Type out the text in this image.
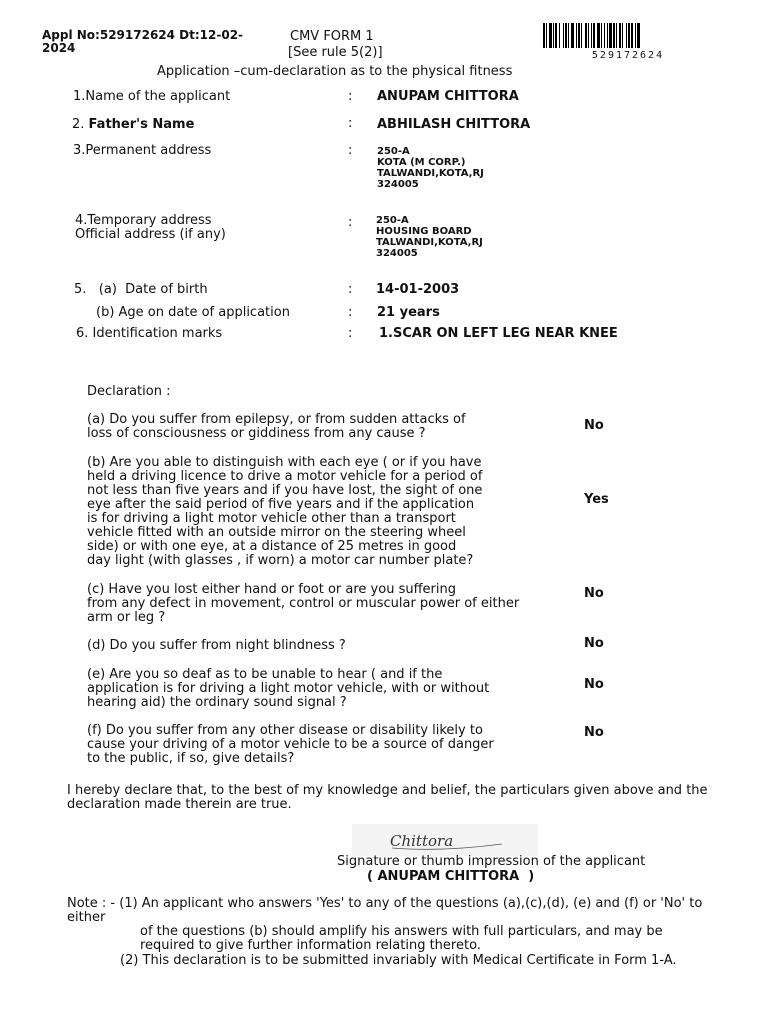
Appl No:529172624 Dt:12-02-
2024
CMV FORM 1
[See rule 5(2)]	529172624
Application –cum-declaration as to the physical fitness
1.Name of the applicant	: ANUPAM CHITTORA
2. Father's Name	: ABHILASH CHITTORA
3.Permanent address	: 250-A
KOTA (M CORP.)
TALWANDI,KOTA,RJ
324005
4.Temporary address
Official address (if any)
: 250-A
HOUSING BOARD
TALWANDI,KOTA,RJ
324005
5.   (a)  Date of birth	: 14-01-2003
(b) Age on date of application	: 21 years
6. Identification marks	: 1.SCAR ON LEFT LEG NEAR KNEE
Declaration :
(a) Do you suffer from epilepsy, or from sudden attacks of
loss of consciousness or giddiness from any cause ?
No
(b) Are you able to distinguish with each eye ( or if you have
held a driving licence to drive a motor vehicle for a period of
not less than five years and if you have lost, the sight of one
eye after the said period of five years and if the application
is for driving a light motor vehicle other than a transport
vehicle fitted with an outside mirror on the steering wheel
side) or with one eye, at a distance of 25 metres in good
day light (with glasses , if worn) a motor car number plate?
Yes
(c) Have you lost either hand or foot or are you suffering
from any defect in movement, control or muscular power of either
arm or leg ?
No
(d) Do you suffer from night blindness ?	No
(e) Are you so deaf as to be unable to hear ( and if the
application is for driving a light motor vehicle, with or without
hearing aid) the ordinary sound signal ?
No
(f) Do you suffer from any other disease or disability likely to
cause your driving of a motor vehicle to be a source of danger
to the public, if so, give details?
No
I hereby declare that, to the best of my knowledge and belief, the particulars given above and the
declaration made therein are true.
Chittora
Signature or thumb impression of the applicant
( ANUPAM CHITTORA  )
Note : - (1) An applicant who answers 'Yes' to any of the questions (a),(c),(d), (e) and (f) or 'No' to
either
of the questions (b) should amplify his answers with full particulars, and may be
required to give further information relating thereto.
(2) This declaration is to be submitted invariably with Medical Certificate in Form 1-A.
